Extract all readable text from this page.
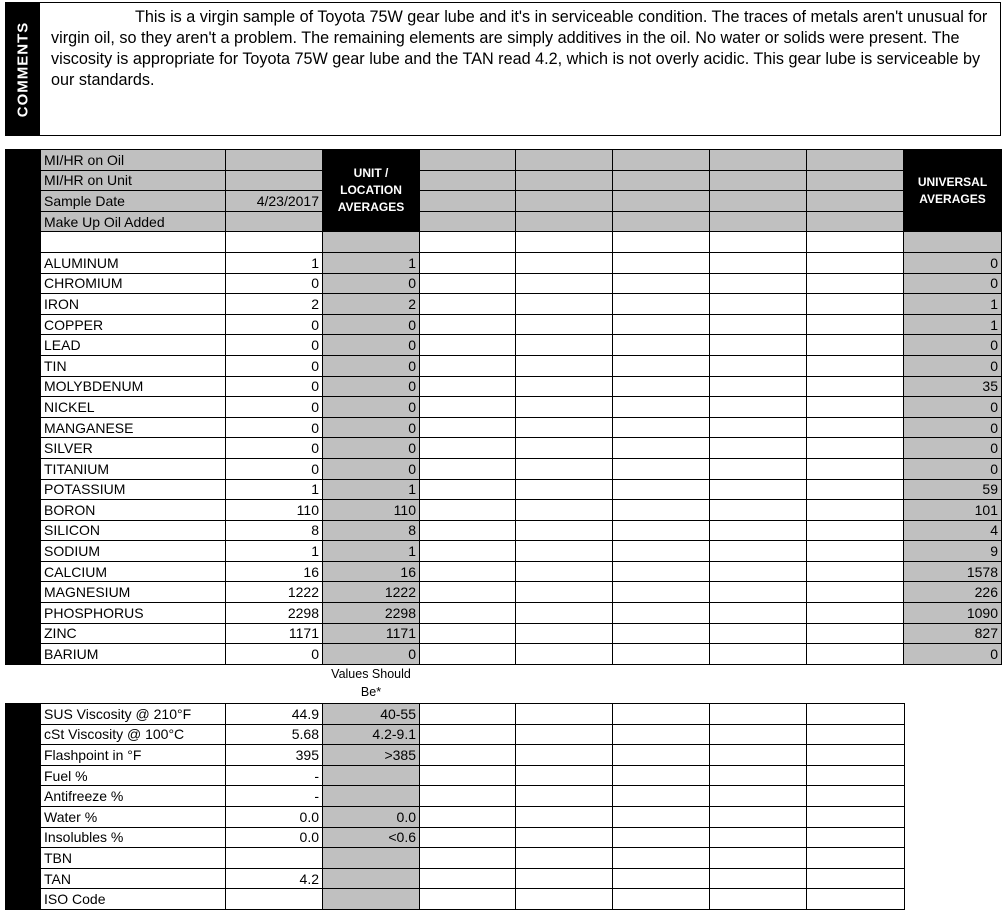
COMMENTS
This is a virgin sample of Toyota 75W gear lube and it's in serviceable condition. The traces of metals aren't unusual for virgin oil, so they aren't a problem. The remaining elements are simply additives in the oil. No water or solids were present. The viscosity is appropriate for Toyota 75W gear lube and the TAN read 4.2, which is not overly acidic. This gear lube is serviceable by our standards.
	MI/HR on Oil		UNIT / LOCATION AVERAGES						UNIVERSAL AVERAGES
	MI/HR on Unit								
	Sample Date	4/23/2017							
	Make Up Oil Added								

ELEMENTS IN PARTS PER MILLION									

	ALUMINUM	1	1						0
	CHROMIUM	0	0						0
	IRON	2	2						1
	COPPER	0	0						1
	LEAD	0	0						0
	TIN	0	0						0
	MOLYBDENUM	0	0						35
	NICKEL	0	0						0
	MANGANESE	0	0						0
	SILVER	0	0						0
	TITANIUM	0	0						0
	POTASSIUM	1	1						59
	BORON	110	110						101
	SILICON	8	8						4
	SODIUM	1	1						9
	CALCIUM	16	16						1578
	MAGNESIUM	1222	1222						226
	PHOSPHORUS	2298	2298						1090
	ZINC	1171	1171						827
	BARIUM	0	0						0
			Values Should Be*					

PROPERTIES	SUS Viscosity @ 210°F	44.9	40-55					
	cSt Viscosity @ 100°C	5.68	4.2-9.1					
	Flashpoint in °F	395	>385					
	Fuel %	-						
	Antifreeze %	-						
	Water %	0.0	0.0					
	Insolubles %	0.0	<0.6					
	TBN							
	TAN	4.2						
	ISO Code							
